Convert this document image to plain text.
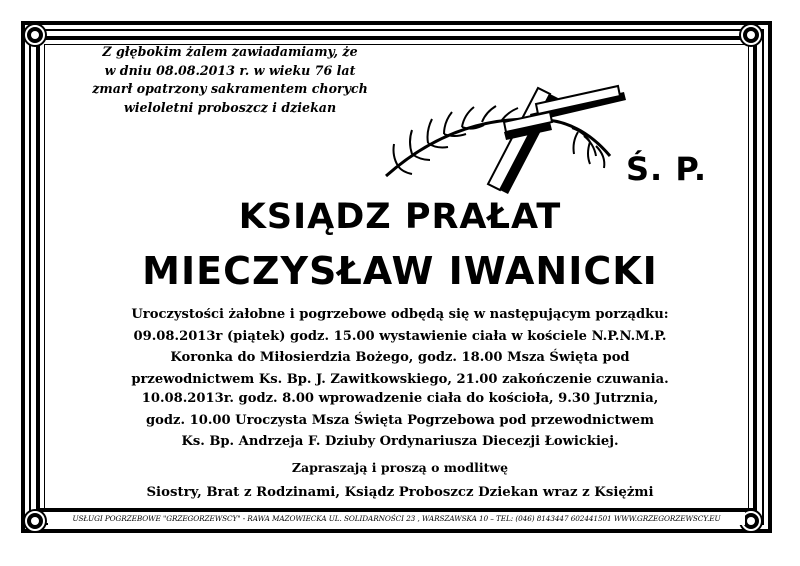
Z głębokim żalem zawiadamiamy, że
w dniu 08.08.2013 r. w wieku 76 lat
zmarł opatrzony sakramentem chorych
wieloletni proboszcz i dziekan
Ś. P.
KSIĄDZ PRAŁAT
MIECZYSŁAW IWANICKI
Uroczystości żałobne i pogrzebowe odbędą się w następującym porządku:
09.08.2013r (piątek) godz. 15.00 wystawienie ciała w kościele N.P.N.M.P.
Koronka do Miłosierdzia Bożego, godz. 18.00 Msza Święta pod
przewodnictwem Ks. Bp. J. Zawitkowskiego, 21.00 zakończenie czuwania.
10.08.2013r. godz. 8.00 wprowadzenie ciała do kościoła, 9.30 Jutrznia,
godz. 10.00 Uroczysta Msza Święta Pogrzebowa pod przewodnictwem
Ks. Bp. Andrzeja F. Dziuby Ordynariusza Diecezji Łowickiej.
Zapraszają i proszą o modlitwę
Siostry, Brat z Rodzinami, Ksiądz Proboszcz Dziekan wraz z Księżmi
USŁUGI POGRZEBOWE "GRZEGORZEWSCY" - RAWA MAZOWIECKA UL. SOLIDARNOŚCI 23 , WARSZAWSKA 10 – TEL: (046) 8143447 602441501 WWW.GRZEGORZEWSCY.EU
